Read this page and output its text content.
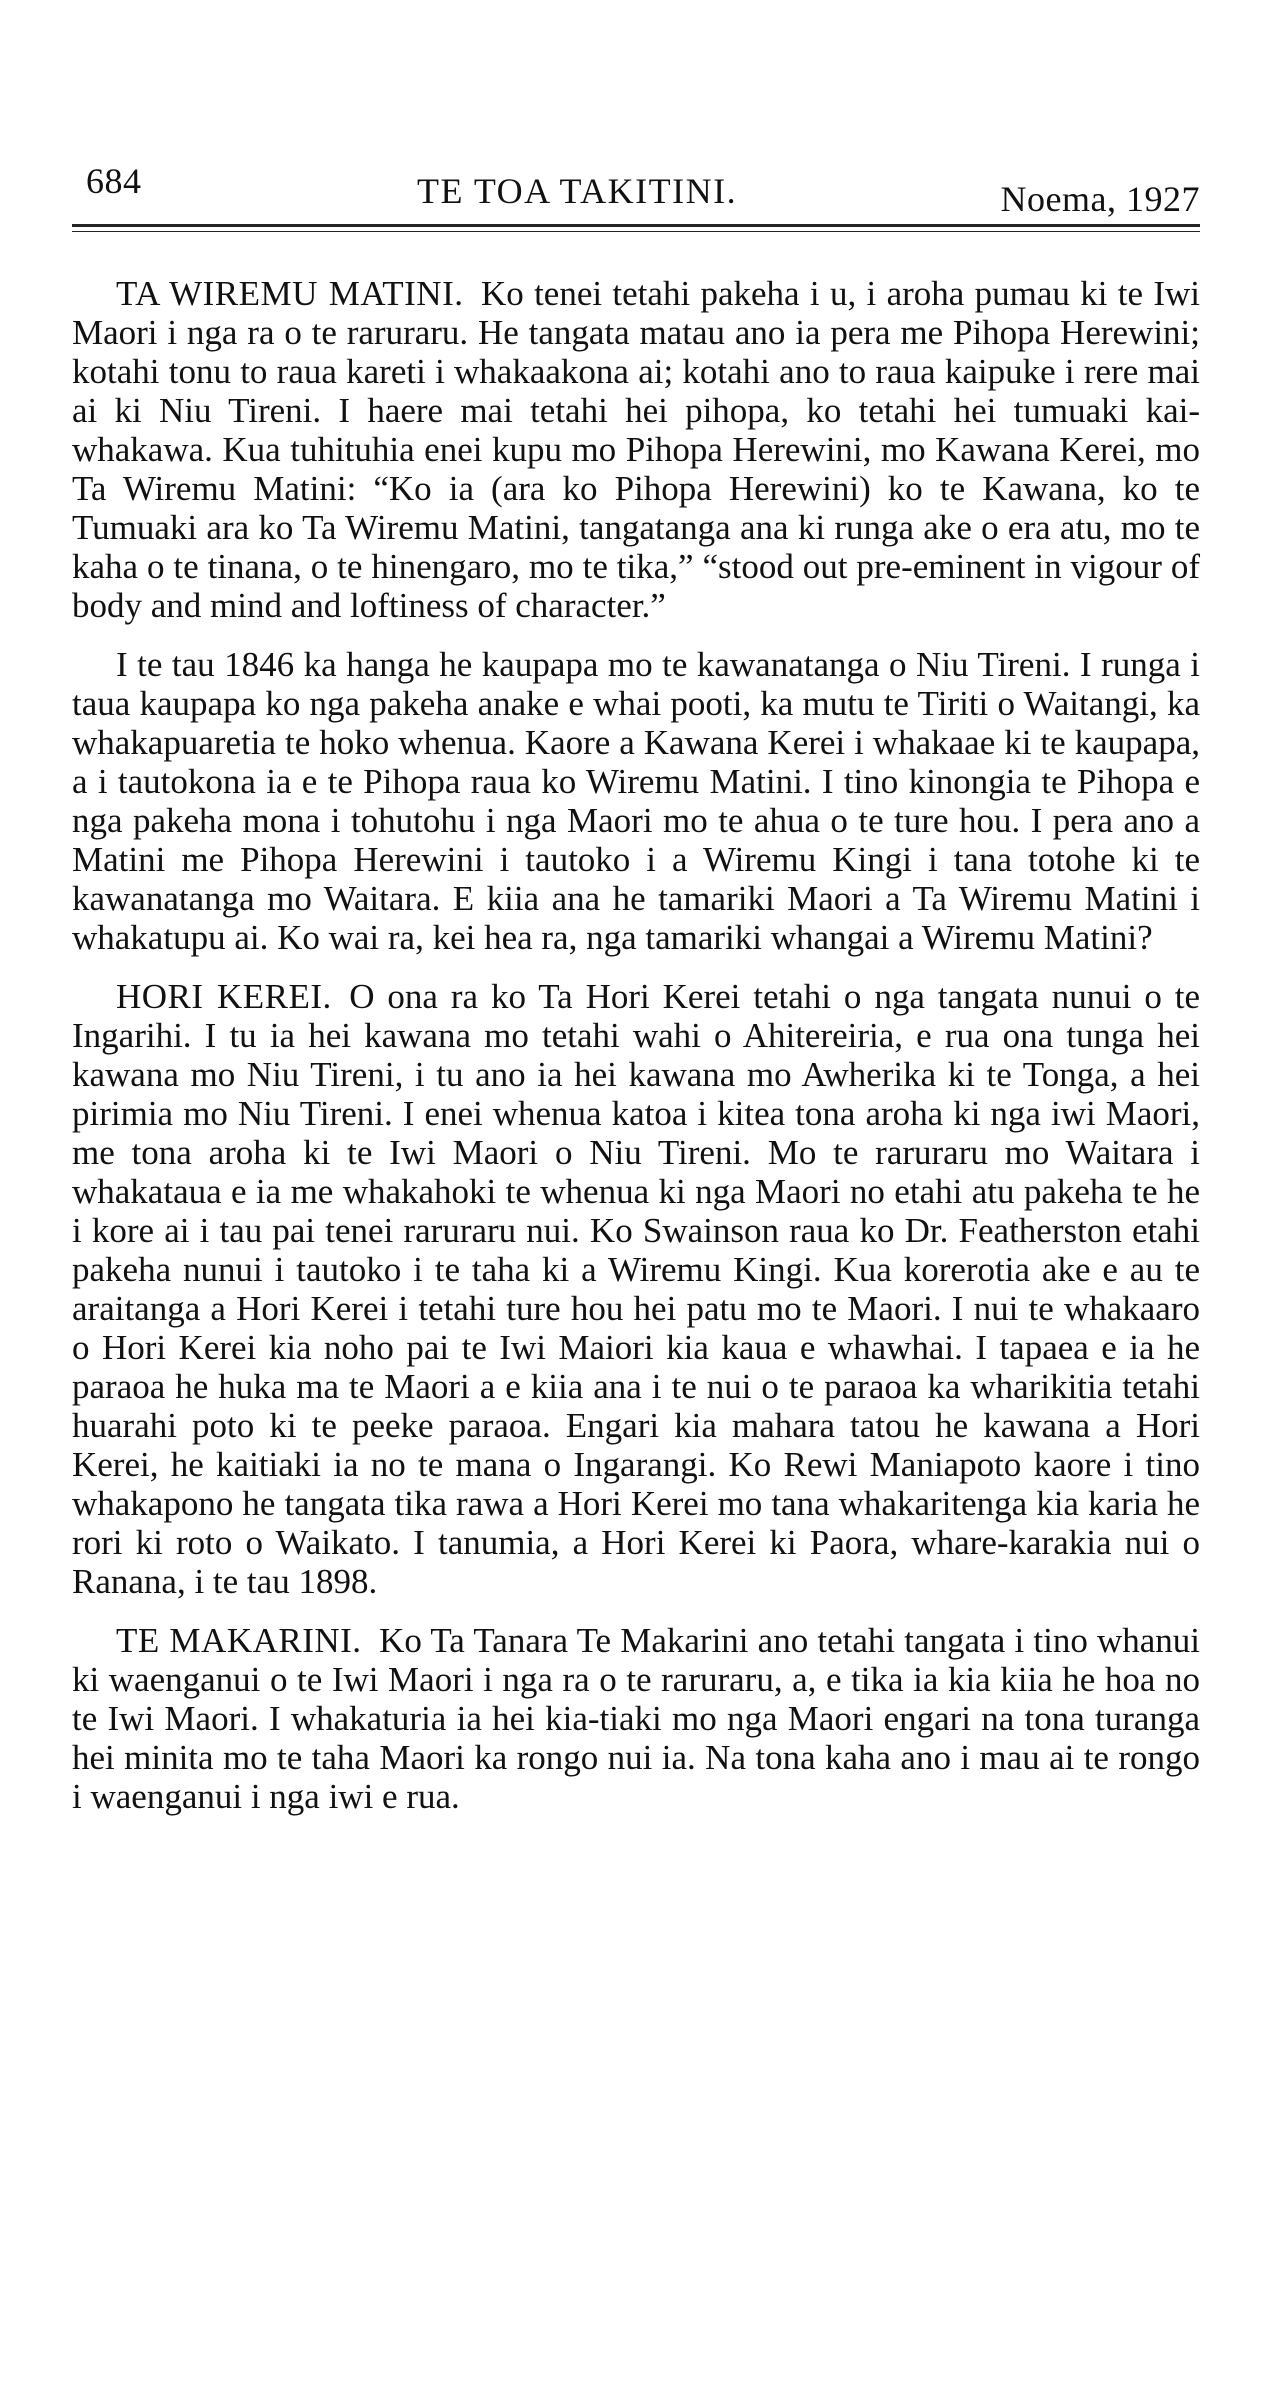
684	TE TOA TAKITINI.	Noema, 1927

TA WIREMU MATINI.  Ko tenei tetahi pakeha i u, i aroha pumau ki te Iwi Maori i nga ra o te raruraru. He tangata matau ano ia pera me Pihopa Herewini; kotahi tonu to raua kareti i whakaakona ai; kotahi ano to raua kaipuke i rere mai ai ki Niu Tireni. I haere mai tetahi hei pihopa, ko tetahi hei tumuaki kai-whakawa. Kua tuhituhia enei kupu mo Pihopa Herewini, mo Kawana Kerei, mo Ta Wiremu Matini: “Ko ia (ara ko Pihopa Herewini) ko te Kawana, ko te Tumuaki ara ko Ta Wiremu Matini, tangatanga ana ki runga ake o era atu, mo te kaha o te tinana, o te hinengaro, mo te tika,” “stood out pre-eminent in vigour of body and mind and loftiness of character.”

I te tau 1846 ka hanga he kaupapa mo te kawanatanga o Niu Tireni. I runga i taua kaupapa ko nga pakeha anake e whai pooti, ka mutu te Tiriti o Waitangi, ka whakapuaretia te hoko whenua. Kaore a Kawana Kerei i whakaae ki te kaupapa, a i tautokona ia e te Pihopa raua ko Wiremu Matini. I tino kinongia te Pihopa e nga pakeha mona i tohutohu i nga Maori mo te ahua o te ture hou. I pera ano a Matini me Pihopa Herewini i tautoko i a Wiremu Kingi i tana totohe ki te kawanatanga mo Waitara. E kiia ana he tamariki Maori a Ta Wiremu Matini i whakatupu ai. Ko wai ra, kei hea ra, nga tamariki whangai a Wiremu Matini?

HORI KEREI.  O ona ra ko Ta Hori Kerei tetahi o nga tangata nunui o te Ingarihi. I tu ia hei kawana mo tetahi wahi o Ahitereiria, e rua ona tunga hei kawana mo Niu Tireni, i tu ano ia hei kawana mo Awherika ki te Tonga, a hei pirimia mo Niu Tireni. I enei whenua katoa i kitea tona aroha ki nga iwi Maori, me tona aroha ki te Iwi Maori o Niu Tireni. Mo te raruraru mo Waitara i whakataua e ia me whakahoki te whenua ki nga Maori no etahi atu pakeha te he i kore ai i tau pai tenei raruraru nui. Ko Swainson raua ko Dr. Featherston etahi pakeha nunui i tautoko i te taha ki a Wiremu Kingi. Kua korerotia ake e au te araitanga a Hori Kerei i tetahi ture hou hei patu mo te Maori. I nui te whakaaro o Hori Kerei kia noho pai te Iwi Maiori kia kaua e whawhai. I tapaea e ia he paraoa he huka ma te Maori a e kiia ana i te nui o te paraoa ka wharikitia tetahi huarahi poto ki te peeke paraoa. Engari kia mahara tatou he kawana a Hori Kerei, he kaitiaki ia no te mana o Ingarangi. Ko Rewi Maniapoto kaore i tino whakapono he tangata tika rawa a Hori Kerei mo tana whakaritenga kia karia he rori ki roto o Waikato. I tanumia, a Hori Kerei ki Paora, whare-karakia nui o Ranana, i te tau 1898.

TE MAKARINI.  Ko Ta Tanara Te Makarini ano tetahi tangata i tino whanui ki waenganui o te Iwi Maori i nga ra o te raruraru, a, e tika ia kia kiia he hoa no te Iwi Maori. I whakaturia ia hei kia-tiaki mo nga Maori engari na tona turanga hei minita mo te taha Maori ka rongo nui ia. Na tona kaha ano i mau ai te rongo i waenganui i nga iwi e rua.
